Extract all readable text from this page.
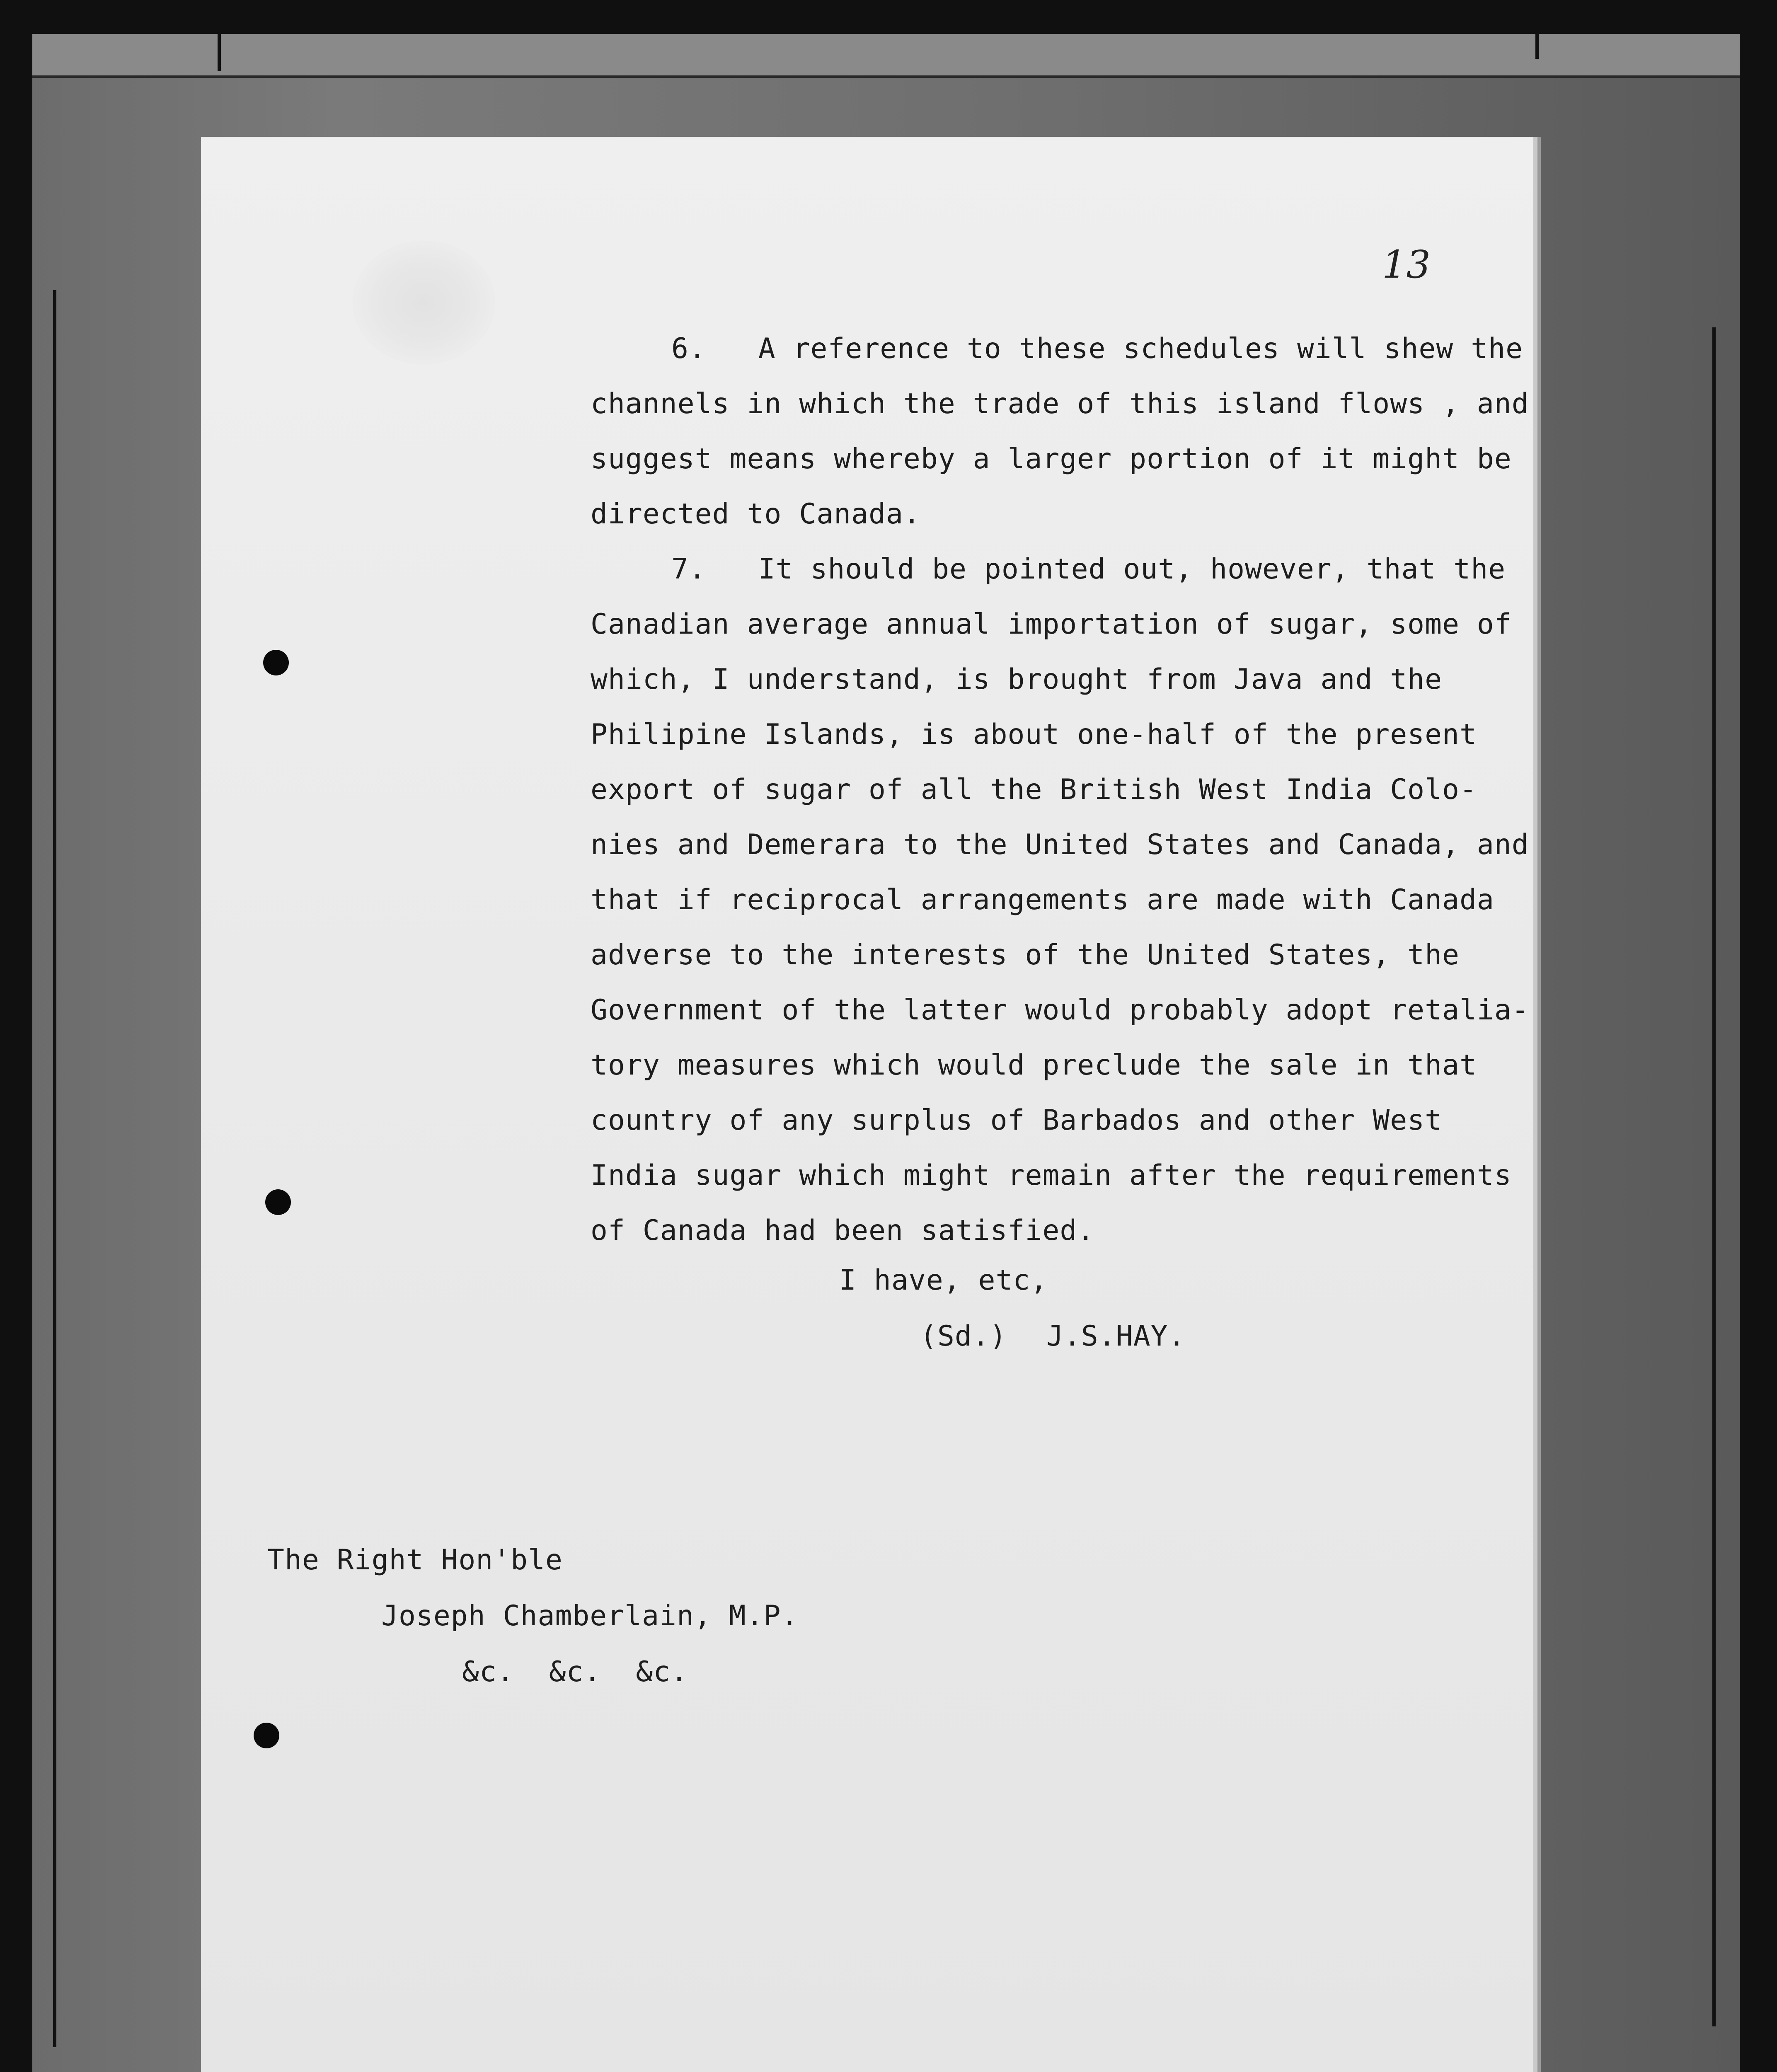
13
6.   A reference to these schedules will shew the
channels in which the trade of this island flows , and
suggest means whereby a larger portion of it might be
directed to Canada.
7.   It should be pointed out, however, that the
Canadian average annual importation of sugar, some of
which, I understand, is brought from Java and the
Philipine Islands, is about one-half of the present
export of sugar of all the British West India Colo-
nies and Demerara to the United States and Canada, and
that if reciprocal arrangements are made with Canada
adverse to the interests of the United States, the
Government of the latter would probably adopt retalia-
tory measures which would preclude the sale in that
country of any surplus of Barbados and other West
India sugar which might remain after the requirements
of Canada had been satisfied.
I have, etc,
(Sd.) J.S.HAY.
The Right Hon'ble
Joseph Chamberlain, M.P.
&c.  &c.  &c.
